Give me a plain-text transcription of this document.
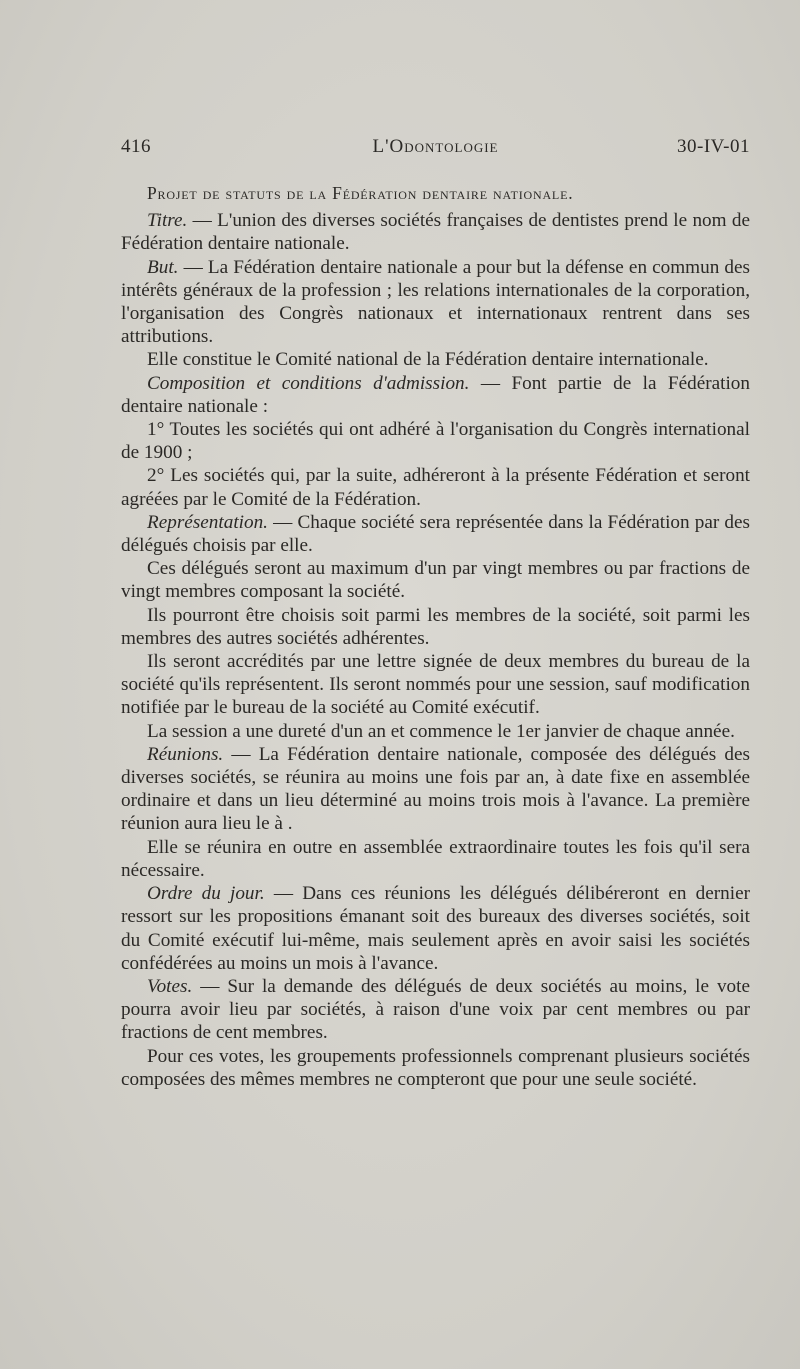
416	L'Odontologie	30-IV-01
Projet de statuts de la Fédération dentaire nationale.

Titre. — L'union des diverses sociétés françaises de dentistes prend le nom de Fédération dentaire nationale.

But. — La Fédération dentaire nationale a pour but la défense en commun des intérêts généraux de la profession ; les relations internationales de la corporation, l'organisation des Congrès nationaux et internationaux rentrent dans ses attributions.

Elle constitue le Comité national de la Fédération dentaire internationale.

Composition et conditions d'admission. — Font partie de la Fédération dentaire nationale :

1° Toutes les sociétés qui ont adhéré à l'organisation du Congrès international de 1900 ;

2° Les sociétés qui, par la suite, adhéreront à la présente Fédération et seront agréées par le Comité de la Fédération.

Représentation. — Chaque société sera représentée dans la Fédération par des délégués choisis par elle.

Ces délégués seront au maximum d'un par vingt membres ou par fractions de vingt membres composant la société.

Ils pourront être choisis soit parmi les membres de la société, soit parmi les membres des autres sociétés adhérentes.

Ils seront accrédités par une lettre signée de deux membres du bureau de la société qu'ils représentent. Ils seront nommés pour une session, sauf modification notifiée par le bureau de la société au Comité exécutif.

La session a une dureté d'un an et commence le 1er janvier de chaque année.

Réunions. — La Fédération dentaire nationale, composée des délégués des diverses sociétés, se réunira au moins une fois par an, à date fixe en assemblée ordinaire et dans un lieu déterminé au moins trois mois à l'avance. La première réunion aura lieu le à .

Elle se réunira en outre en assemblée extraordinaire toutes les fois qu'il sera nécessaire.

Ordre du jour. — Dans ces réunions les délégués délibéreront en dernier ressort sur les propositions émanant soit des bureaux des diverses sociétés, soit du Comité exécutif lui-même, mais seulement après en avoir saisi les sociétés confédérées au moins un mois à l'avance.

Votes. — Sur la demande des délégués de deux sociétés au moins, le vote pourra avoir lieu par sociétés, à raison d'une voix par cent membres ou par fractions de cent membres.

Pour ces votes, les groupements professionnels comprenant plusieurs sociétés composées des mêmes membres ne compteront que pour une seule société.
